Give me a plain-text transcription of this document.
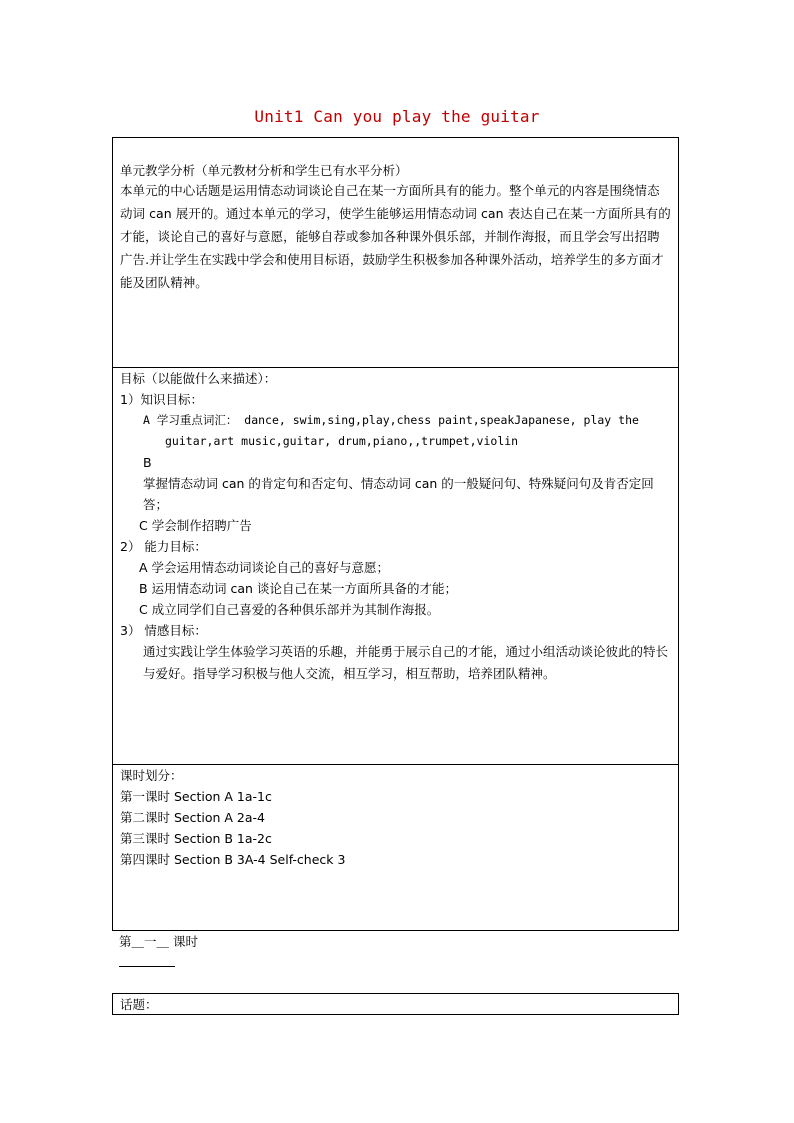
Unit1 Can you play the guitar
单元教学分析（单元教材分析和学生已有水平分析）
本单元的中心话题是运用情态动词谈论自己在某一方面所具有的能力。整个单元的内容是围绕情态动词 can 展开的。通过本单元的学习，使学生能够运用情态动词 can 表达自己在某一方面所具有的才能，谈论自己的喜好与意愿，能够自荐或参加各种课外俱乐部，并制作海报，而且学会写出招聘广告.并让学生在实践中学会和使用目标语，鼓励学生积极参加各种课外活动，培养学生的多方面才能及团队精神。
目标（以能做什么来描述）：
1）知识目标：
A 学习重点词汇： dance, swim,sing,play,chess paint,speakJapanese, play the
guitar,art music,guitar, drum,piano,,trumpet,violin
B
掌握情态动词 can 的肯定句和否定句、情态动词 can 的一般疑问句、特殊疑问句及肯否定回答；
C 学会制作招聘广告
2） 能力目标：
A 学会运用情态动词谈论自己的喜好与意愿；
B 运用情态动词 can 谈论自己在某一方面所具备的才能；
C 成立同学们自己喜爱的各种俱乐部并为其制作海报。
3） 情感目标：
通过实践让学生体验学习英语的乐趣，并能勇于展示自己的才能，通过小组活动谈论彼此的特长与爱好。指导学习积极与他人交流，相互学习，相互帮助，培养团队精神。
课时划分：
第一课时 Section A 1a-1c
第二课时 Section A 2a-4
第三课时 Section B 1a-2c
第四课时 Section B 3A-4 Self-check 3
第＿一＿ 课时
话题：
